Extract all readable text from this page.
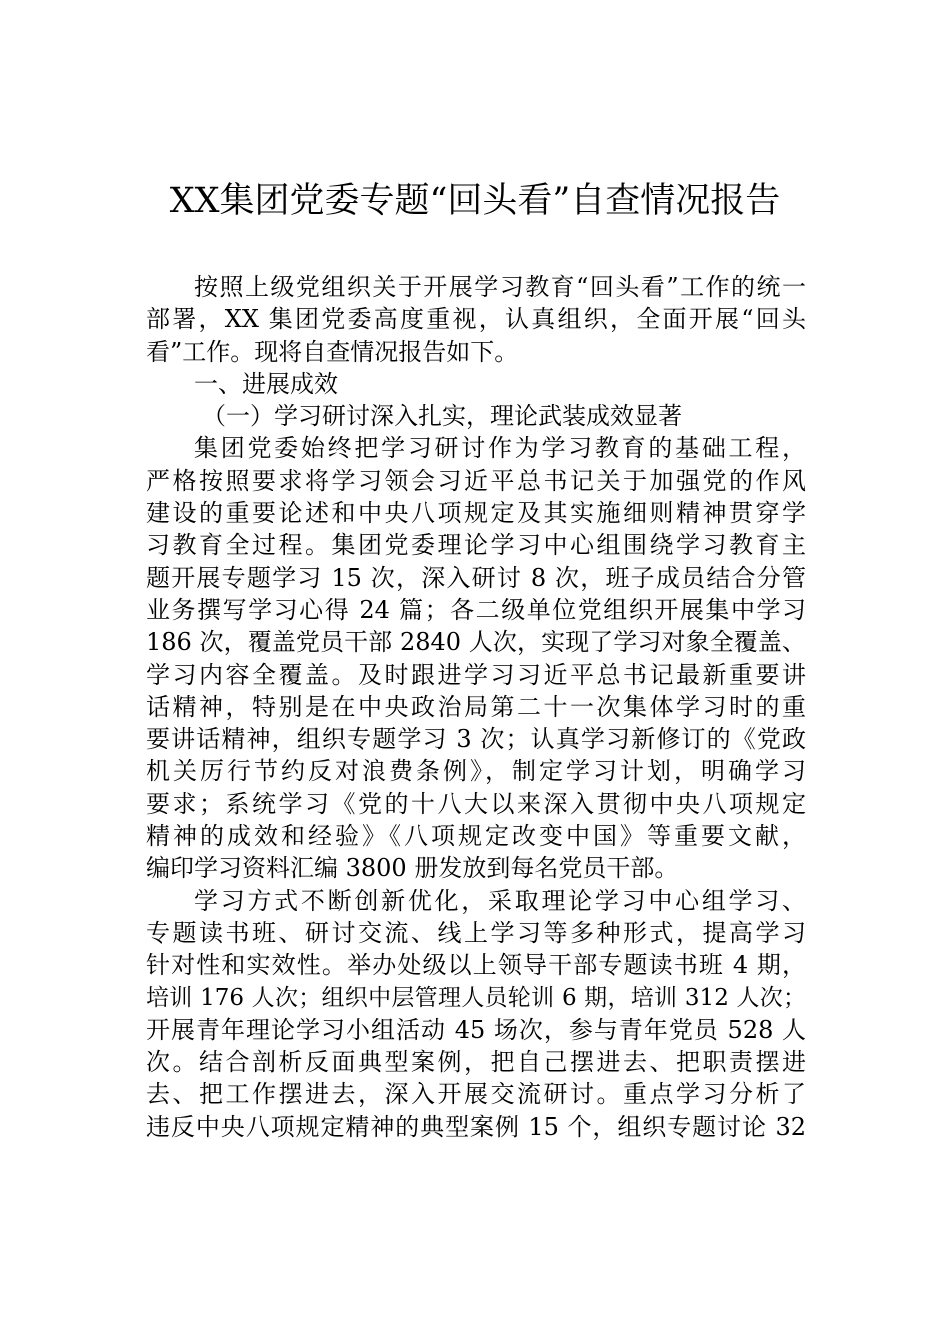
XX集团党委专题“回头看”自查情况报告
按照上级党组织关于开展学习教育“回头看”工作的统一
部署，XX 集团党委高度重视，认真组织，全面开展“回头
看”工作。现将自查情况报告如下。
一、进展成效
（一）学习研讨深入扎实，理论武装成效显著
集团党委始终把学习研讨作为学习教育的基础工程，
严格按照要求将学习领会习近平总书记关于加强党的作风
建设的重要论述和中央八项规定及其实施细则精神贯穿学
习教育全过程。集团党委理论学习中心组围绕学习教育主
题开展专题学习 15 次，深入研讨 8 次，班子成员结合分管
业务撰写学习心得 24 篇；各二级单位党组织开展集中学习
186 次，覆盖党员干部 2840 人次，实现了学习对象全覆盖、
学习内容全覆盖。及时跟进学习习近平总书记最新重要讲
话精神，特别是在中央政治局第二十一次集体学习时的重
要讲话精神，组织专题学习 3 次；认真学习新修订的《党政
机关厉行节约反对浪费条例》，制定学习计划，明确学习
要求；系统学习《党的十八大以来深入贯彻中央八项规定
精神的成效和经验》《八项规定改变中国》等重要文献，
编印学习资料汇编 3800 册发放到每名党员干部。
学习方式不断创新优化，采取理论学习中心组学习、
专题读书班、研讨交流、线上学习等多种形式，提高学习
针对性和实效性。举办处级以上领导干部专题读书班 4 期，
培训 176 人次；组织中层管理人员轮训 6 期，培训 312 人次；
开展青年理论学习小组活动 45 场次，参与青年党员 528 人
次。结合剖析反面典型案例，把自己摆进去、把职责摆进
去、把工作摆进去，深入开展交流研讨。重点学习分析了
违反中央八项规定精神的典型案例 15 个，组织专题讨论 32
